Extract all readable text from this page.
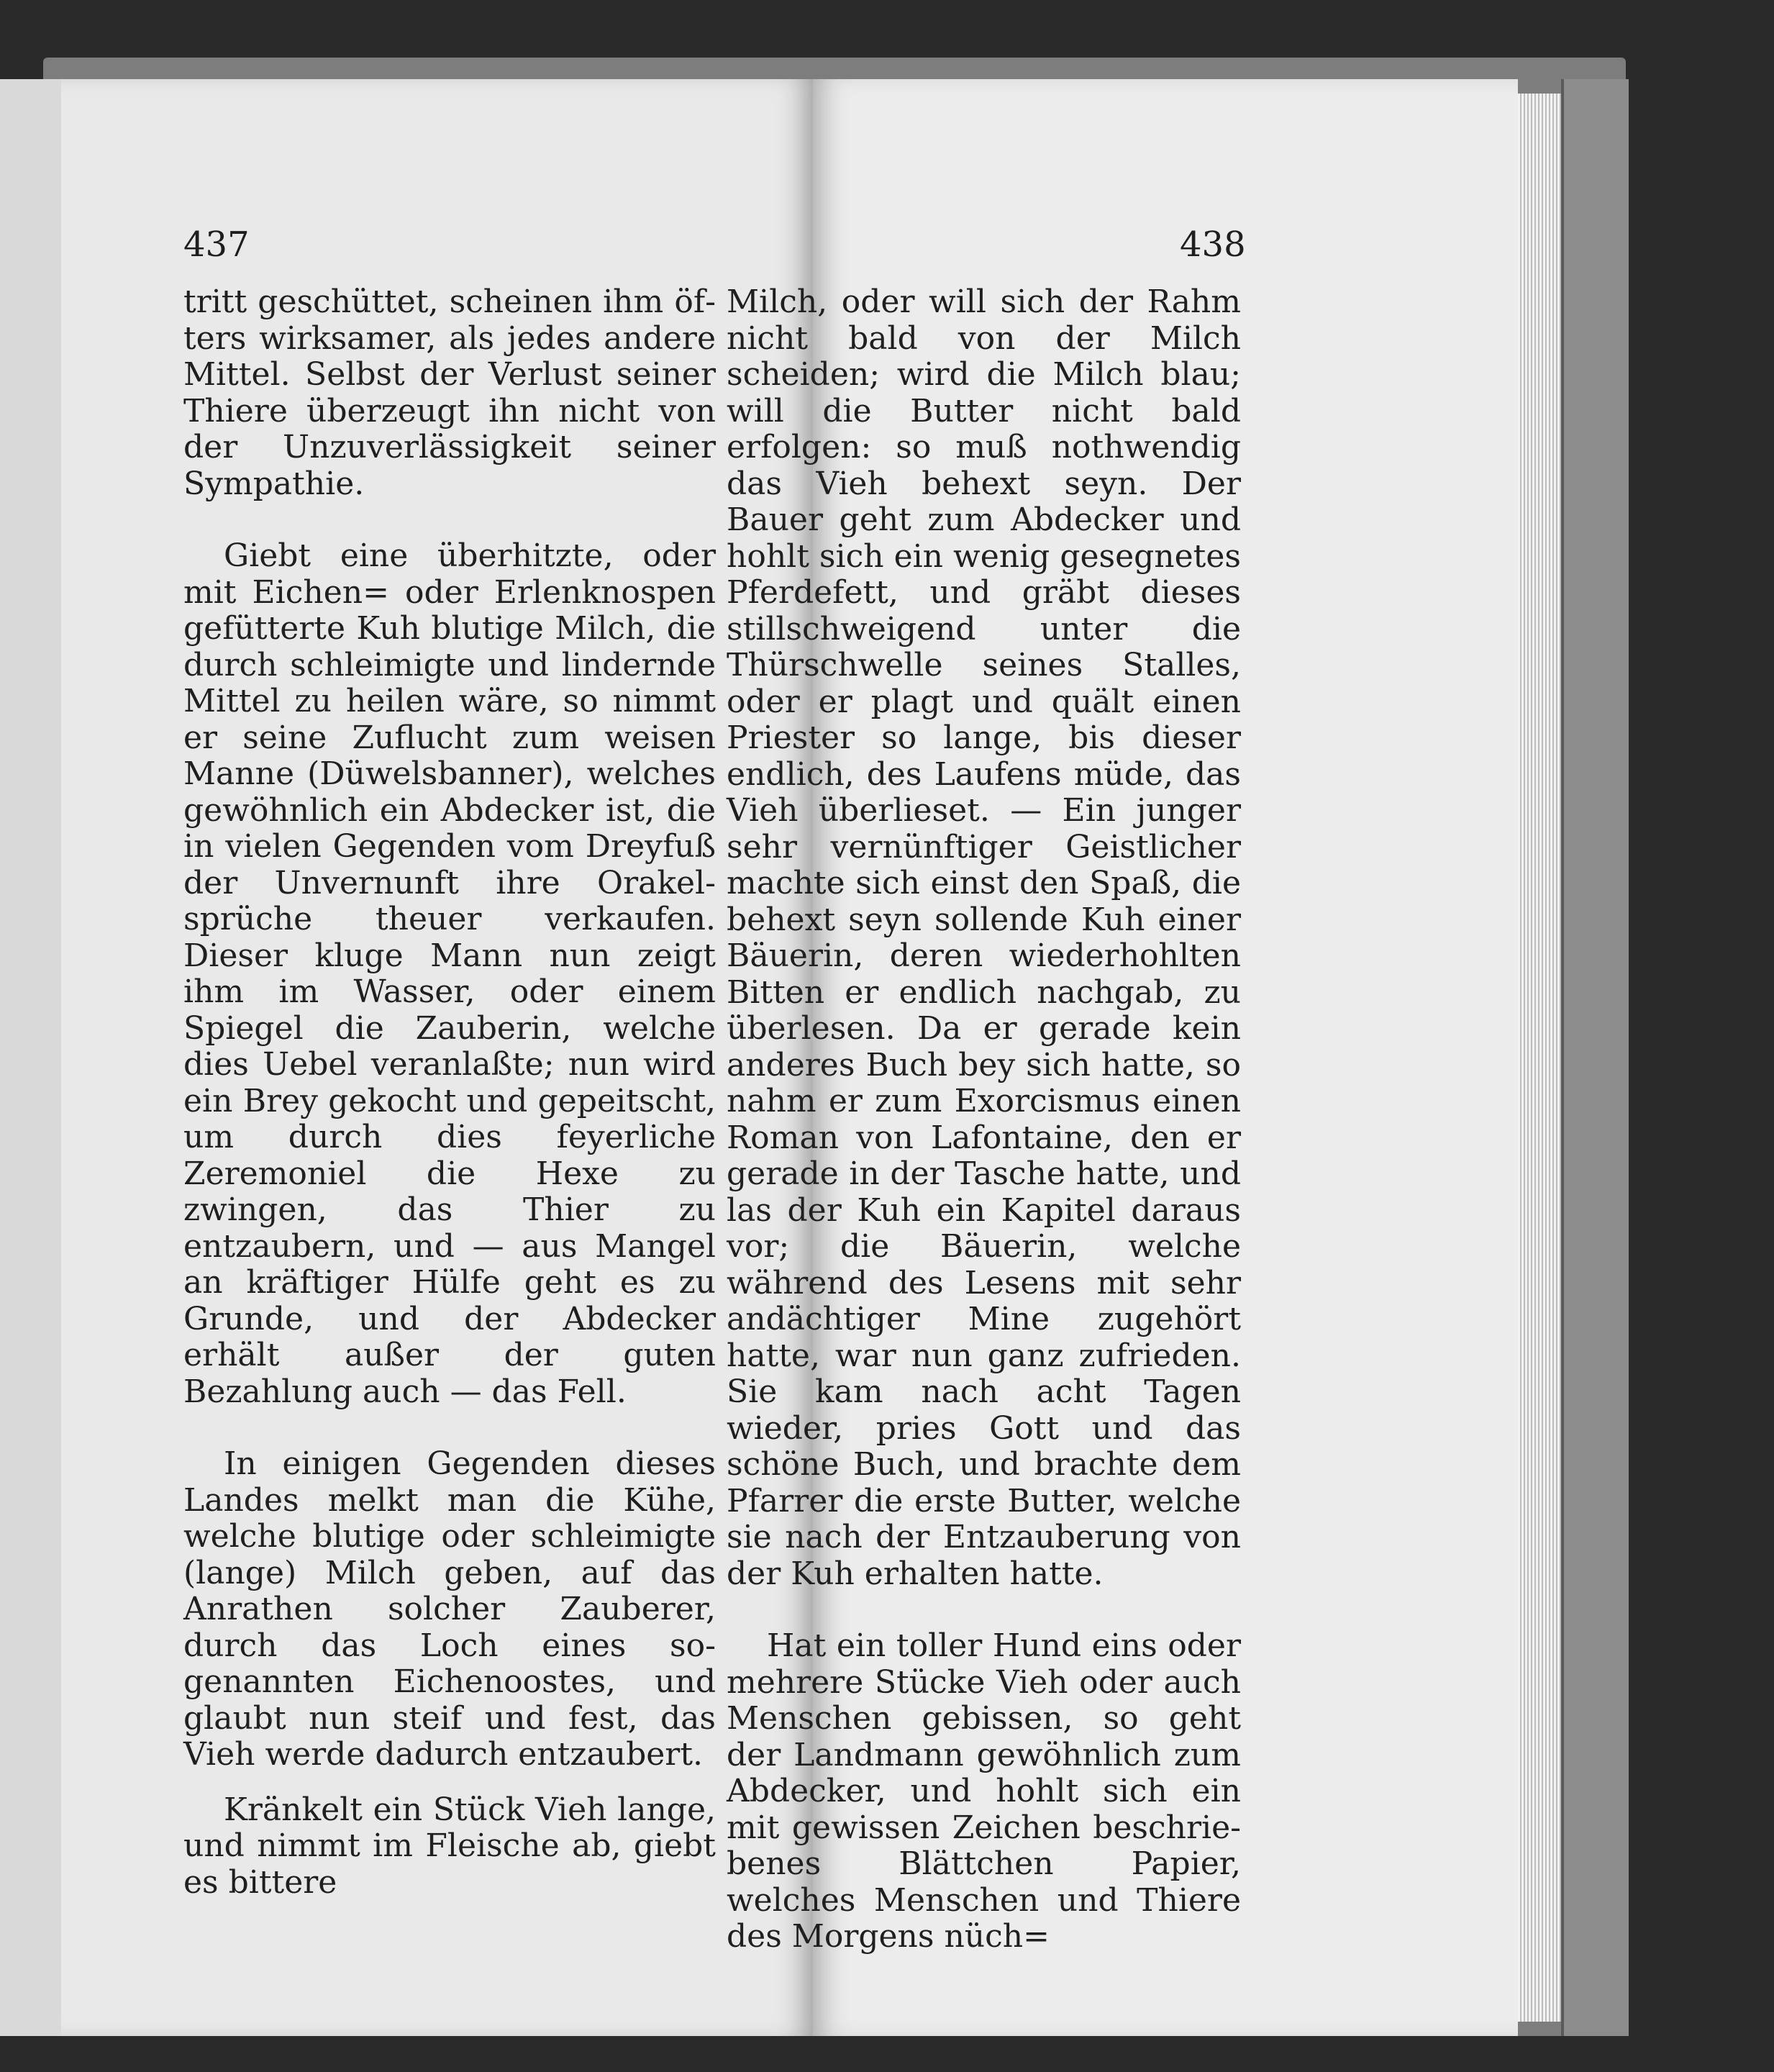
437

tritt geschüttet, scheinen ihm öfters wirksamer, als jedes andere Mittel. Selbst der Verlust seiner Thiere überzeugt ihn nicht von der Unzuverlässigkeit seiner Sympathie.

Giebt eine überhitzte, oder mit Eichen= oder Erlenknospen gefütterte Kuh blutige Milch, die durch schleimigte und lindernde Mittel zu heilen wäre, so nimmt er seine Zuflucht zum weisen Manne (Düwelsbanner), welches gewöhnlich ein Abdecker ist, die in vielen Gegenden vom Dreyfuß der Unvernunft ihre Orakelsprüche theuer verkaufen. Dieser kluge Mann nun zeigt ihm im Wasser, oder einem Spiegel die Zauberin, welche dies Uebel veranlaßte; nun wird ein Brey gekocht und gepeitscht, um durch dies feyerliche Zeremoniel die Hexe zu zwingen, das Thier zu entzaubern, und — aus Mangel an kräftiger Hülfe geht es zu Grunde, und der Abdecker erhält außer der guten Bezahlung auch — das Fell.

In einigen Gegenden dieses Landes melkt man die Kühe, welche blutige oder schleimigte (lange) Milch geben, auf das Anrathen solcher Zauberer, durch das Loch eines sogenannten Eichenoostes, und glaubt nun steif und fest, das Vieh werde dadurch entzaubert.

Kränkelt ein Stück Vieh lange, und nimmt im Fleische ab, giebt es bittere

438

Milch, oder will sich der Rahm nicht bald von der Milch scheiden; wird die Milch blau; will die Butter nicht bald erfolgen: so muß nothwendig das Vieh behext seyn. Der Bauer geht zum Abdecker und hohlt sich ein wenig gesegnetes Pferdefett, und gräbt dieses stillschweigend unter die Thürschwelle seines Stalles, oder er plagt und quält einen Priester so lange, bis dieser endlich, des Laufens müde, das Vieh überlieset. — Ein junger sehr vernünftiger Geistlicher machte sich einst den Spaß, die behext seyn sollende Kuh einer Bäuerin, deren wiederhohlten Bitten er endlich nachgab, zu überlesen. Da er gerade kein anderes Buch bey sich hatte, so nahm er zum Exorcismus einen Roman von Lafontaine, den er gerade in der Tasche hatte, und las der Kuh ein Kapitel daraus vor; die Bäuerin, welche während des Lesens mit sehr andächtiger Mine zugehört hatte, war nun ganz zufrieden. Sie kam nach acht Tagen wieder, pries Gott und das schöne Buch, und brachte dem Pfarrer die erste Butter, welche sie nach der Entzauberung von der Kuh erhalten hatte.

Hat ein toller Hund eins oder mehrere Stücke Vieh oder auch Menschen gebissen, so geht der Landmann gewöhnlich zum Abdecker, und hohlt sich ein mit gewissen Zeichen beschriebenes Blättchen Papier, welches Menschen und Thiere des Morgens nüch=
